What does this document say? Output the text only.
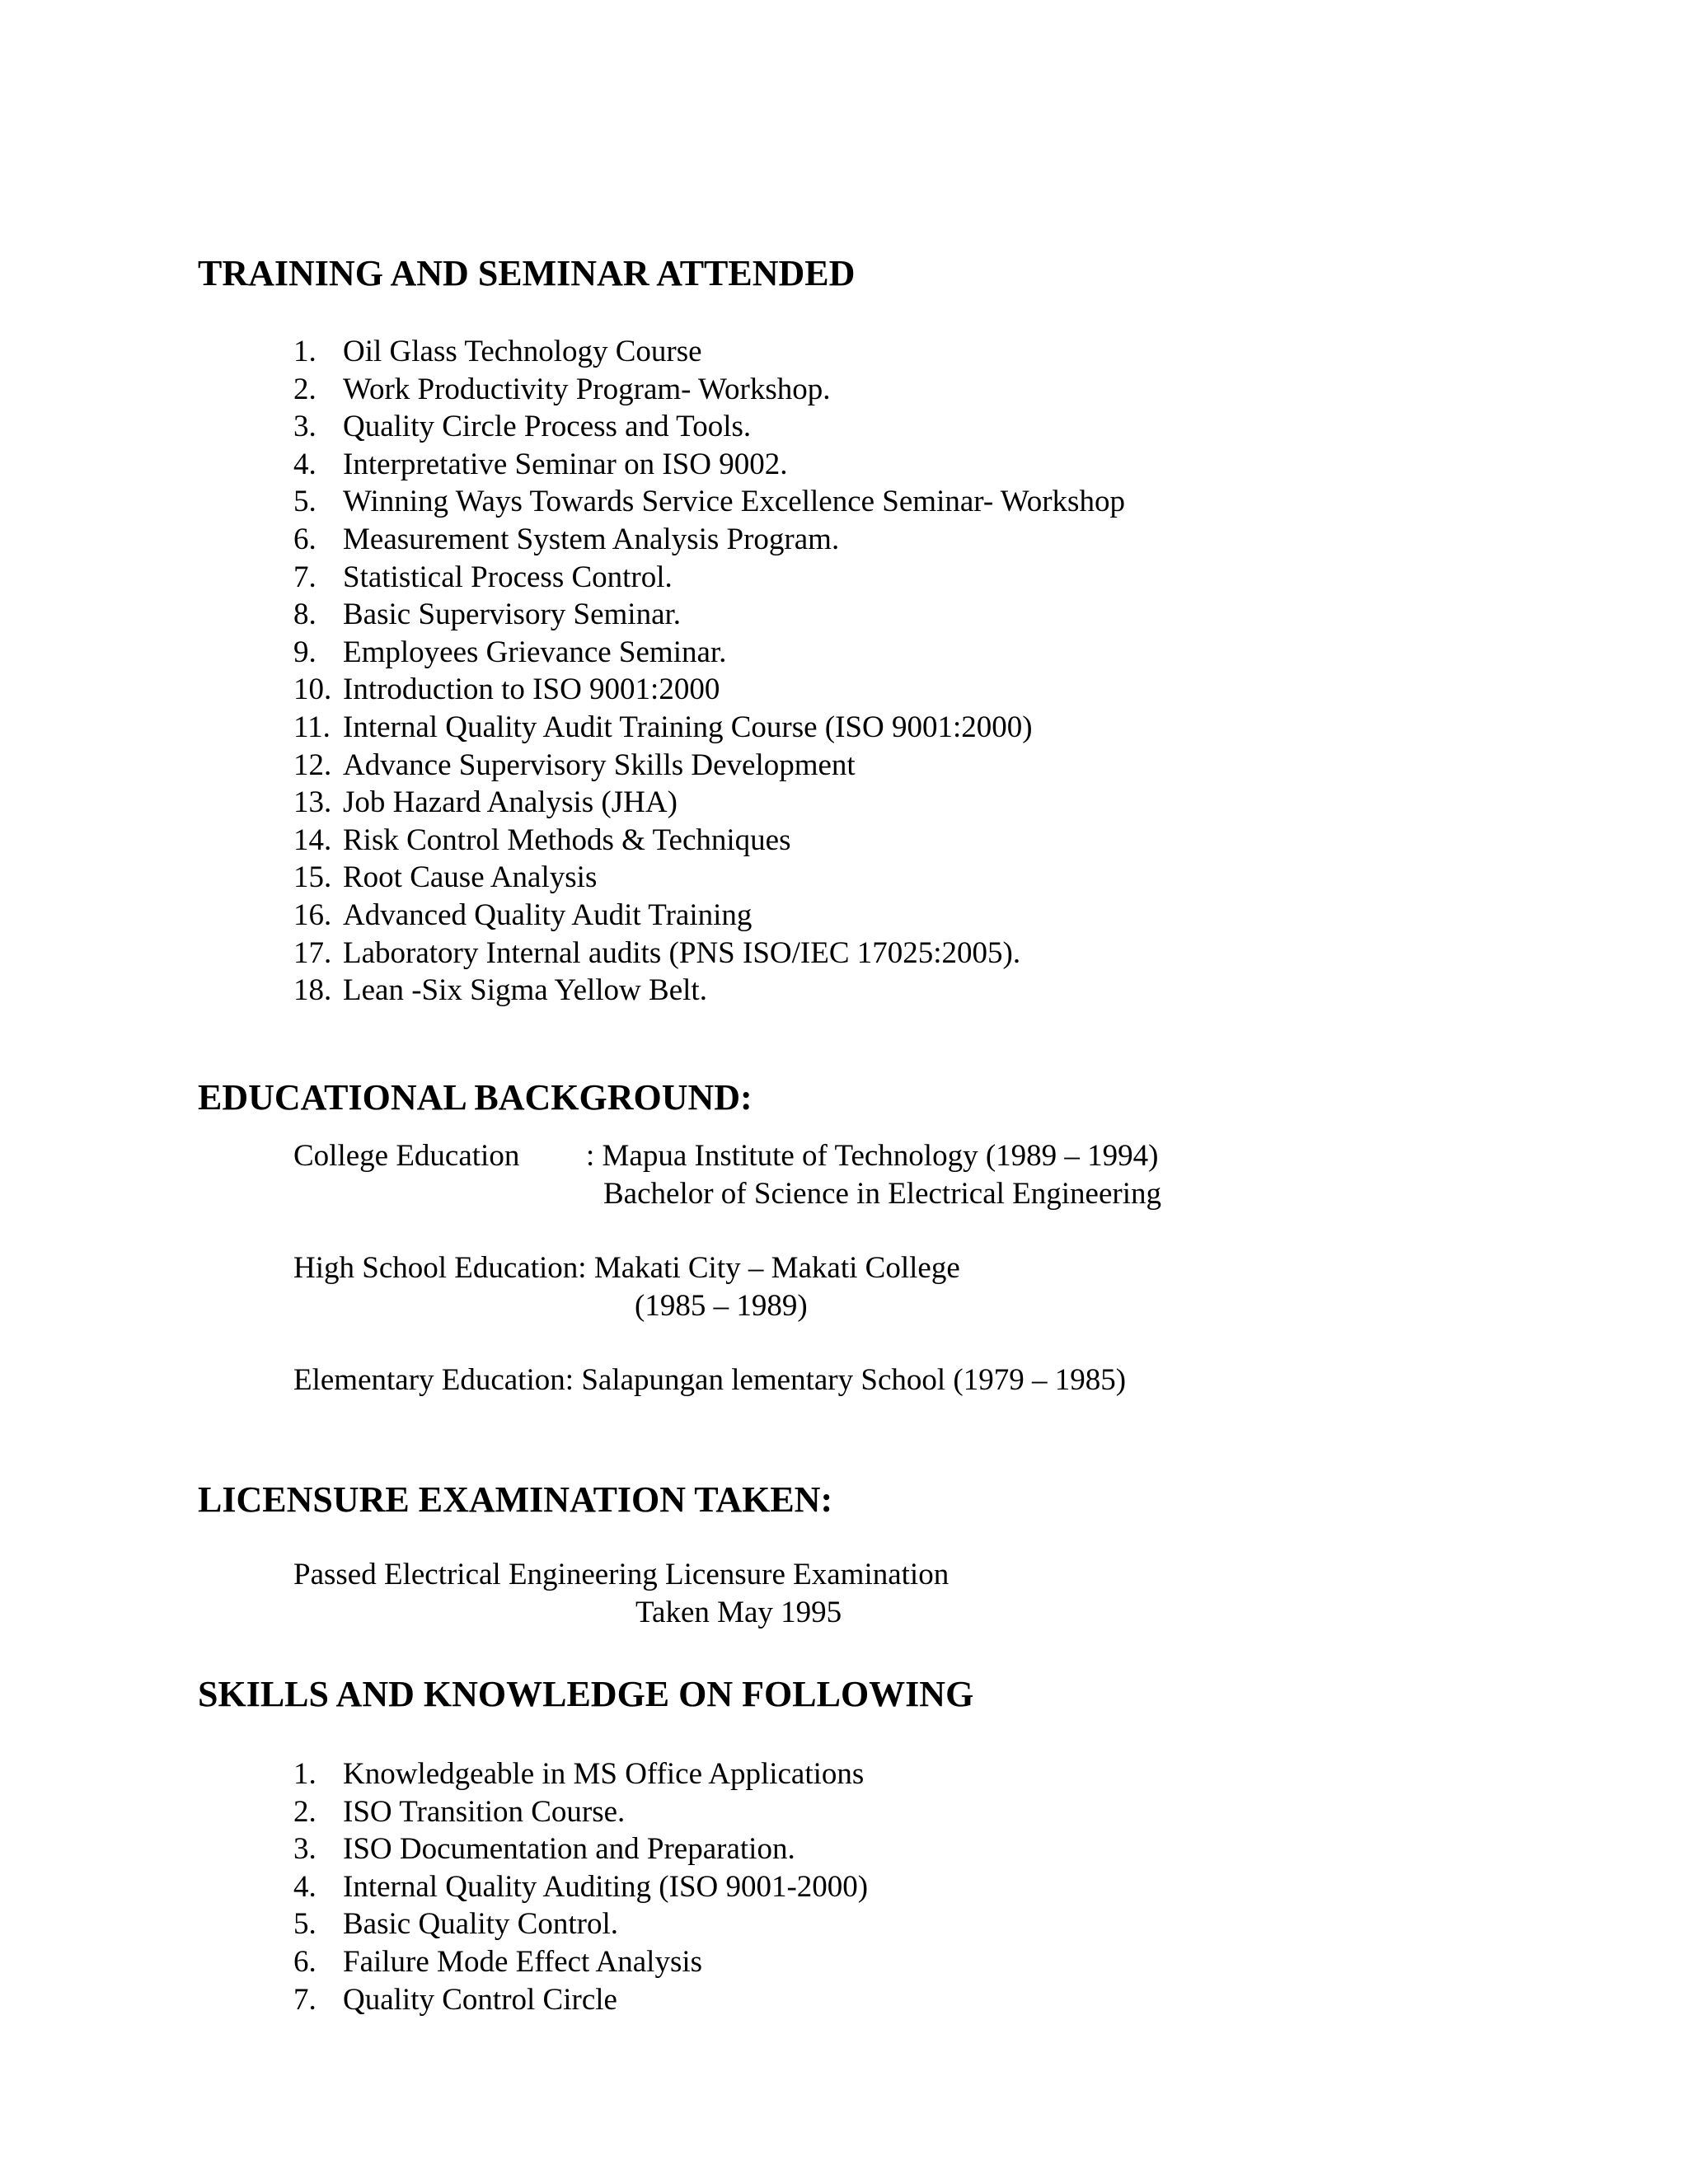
TRAINING AND SEMINAR ATTENDED
1. Oil Glass Technology Course
2. Work Productivity Program- Workshop.
3. Quality Circle Process and Tools.
4. Interpretative Seminar on ISO 9002.
5. Winning Ways Towards Service Excellence Seminar- Workshop
6. Measurement System Analysis Program.
7. Statistical Process Control.
8. Basic Supervisory Seminar.
9. Employees Grievance Seminar.
10. Introduction to ISO 9001:2000
11. Internal Quality Audit Training Course (ISO 9001:2000)
12. Advance Supervisory Skills Development
13. Job Hazard Analysis (JHA)
14. Risk Control Methods & Techniques
15. Root Cause Analysis
16. Advanced Quality Audit Training
17. Laboratory Internal audits (PNS ISO/IEC 17025:2005).
18. Lean -Six Sigma Yellow Belt.
EDUCATIONAL BACKGROUND:

College Education : Mapua Institute of Technology (1989 – 1994)

Bachelor of Science in Electrical Engineering

High School Education: Makati City – Makati College

(1985 – 1989)

Elementary Education: Salapungan lementary School (1979 – 1985)

LICENSURE EXAMINATION TAKEN:

Passed Electrical Engineering Licensure Examination

Taken May 1995

SKILLS AND KNOWLEDGE ON FOLLOWING
1. Knowledgeable in MS Office Applications
2. ISO Transition Course.
3. ISO Documentation and Preparation.
4. Internal Quality Auditing (ISO 9001-2000)
5. Basic Quality Control.
6. Failure Mode Effect Analysis
7. Quality Control Circle
